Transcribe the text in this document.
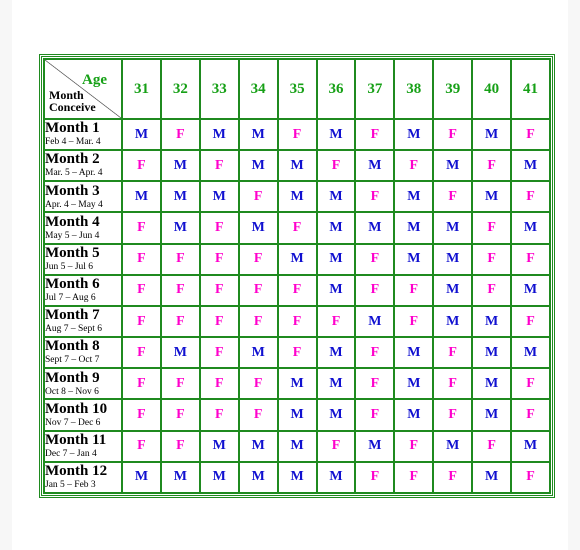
Age
Month
Conceive	31	32	33	34	35	36	37	38	39	40	41

Month 1
Feb 4 – Mar. 4	M	F	M	M	F	M	F	M	F	M	F

Month 2
Mar. 5 – Apr. 4	F	M	F	M	M	F	M	F	M	F	M

Month 3
Apr. 4 – May 4	M	M	M	F	M	M	F	M	F	M	F

Month 4
May 5 – Jun 4	F	M	F	M	F	M	M	M	M	F	M

Month 5
Jun 5 – Jul 6	F	F	F	F	M	M	F	M	M	F	F

Month 6
Jul 7 – Aug 6	F	F	F	F	F	M	F	F	M	F	M

Month 7
Aug 7 – Sept 6	F	F	F	F	F	F	M	F	M	M	F

Month 8
Sept 7 – Oct 7	F	M	F	M	F	M	F	M	F	M	M

Month 9
Oct 8 – Nov 6	F	F	F	F	M	M	F	M	F	M	F

Month 10
Nov 7 – Dec 6	F	F	F	F	M	M	F	M	F	M	F

Month 11
Dec 7 – Jan 4	F	F	M	M	M	F	M	F	M	F	M

Month 12
Jan 5 – Feb 3	M	M	M	M	M	M	F	F	F	M	F
